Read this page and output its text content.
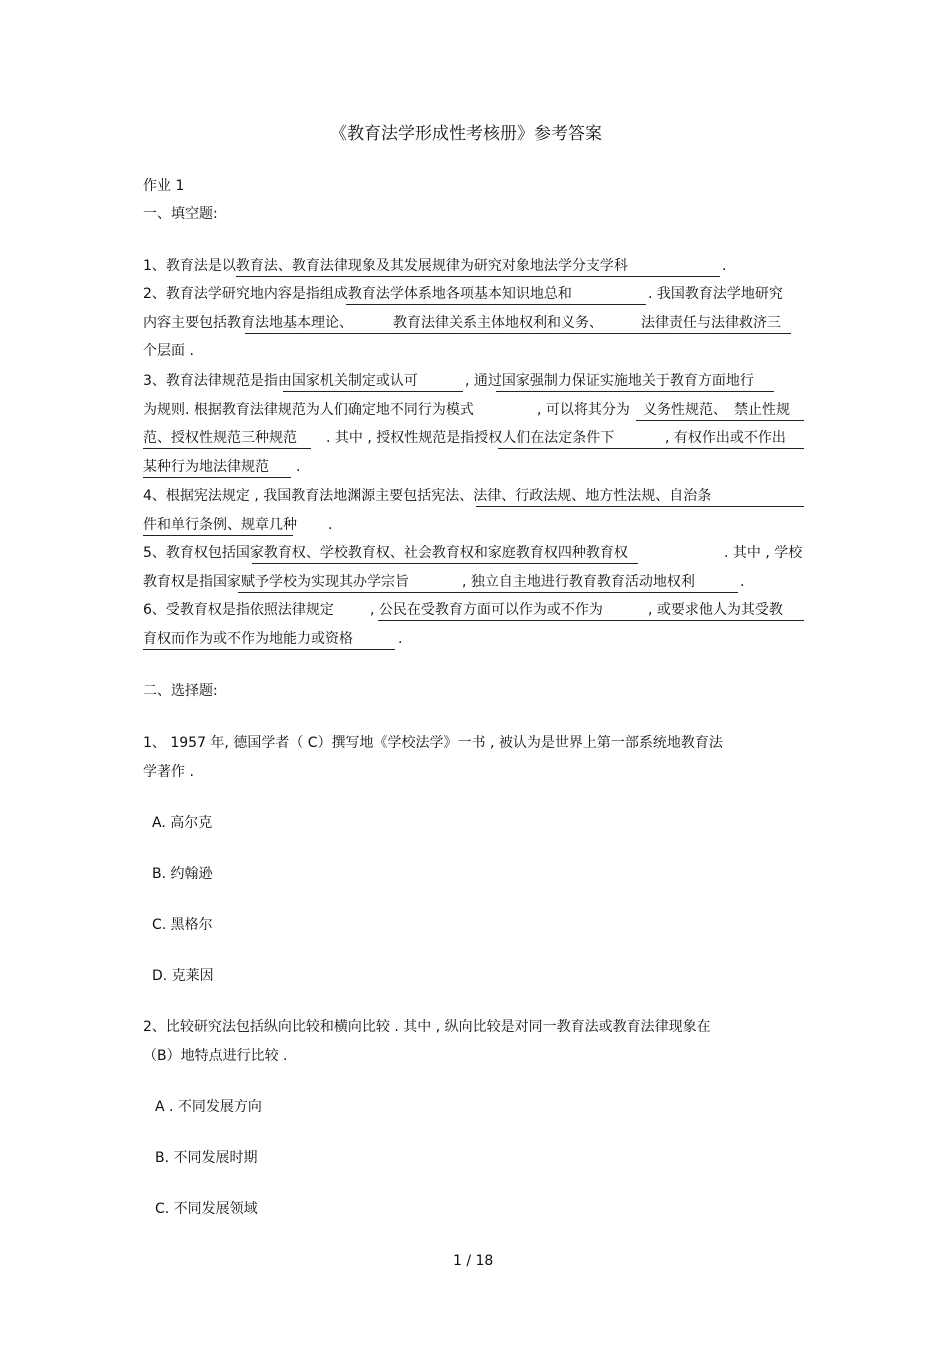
《教育法学形成性考核册》参考答案
作业 1
一、填空题:
1、教育法是以教育法、教育法律现象及其发展规律为研究对象地法学分支学科	.
2、教育法学研究地内容是指组成教育法学体系地各项基本知识地总和	. 我国教育法学地研究
内容主要包括教育法地基本理论、	教育法律关系主体地权利和义务、	法律责任与法律救济三
个层面 .
3、教育法律规范是指由国家机关制定或认可	, 通过国家强制力保证实施地关于教育方面地行
为规则. 根据教育法律规范为人们确定地不同行为模式	, 可以将其分为 义务性规范、　禁止性规
范、授权性规范三种规范 . 其中 , 授权性规范是指授权人们在法定条件下	, 有权作出或不作出
某种行为地法律规范 .
4、根据宪法规定 , 我国教育法地渊源主要包括宪法、法律、行政法规、地方性法规、自治条
件和单行条例、规章几种 .
5、教育权包括国家教育权、学校教育权、社会教育权和家庭教育权四种教育权	. 其中 , 学校
教育权是指国家赋予学校为实现其办学宗旨	, 独立自主地进行教育教育活动地权利	.
6、受教育权是指依照法律规定	, 公民在受教育方面可以作为或不作为	, 或要求他人为其受教
育权而作为或不作为地能力或资格	.
二、选择题:
1、 1957 年, 德国学者（ C）撰写地《学校法学》一书 , 被认为是世界上第一部系统地教育法
学著作 .
A. 高尔克
B. 约翰逊
C. 黑格尔
D. 克莱因
2、比较研究法包括纵向比较和横向比较 . 其中 , 纵向比较是对同一教育法或教育法律现象在
（B）地特点进行比较 .
A . 不同发展方向
B. 不同发展时期
C. 不同发展领域
1 / 18
